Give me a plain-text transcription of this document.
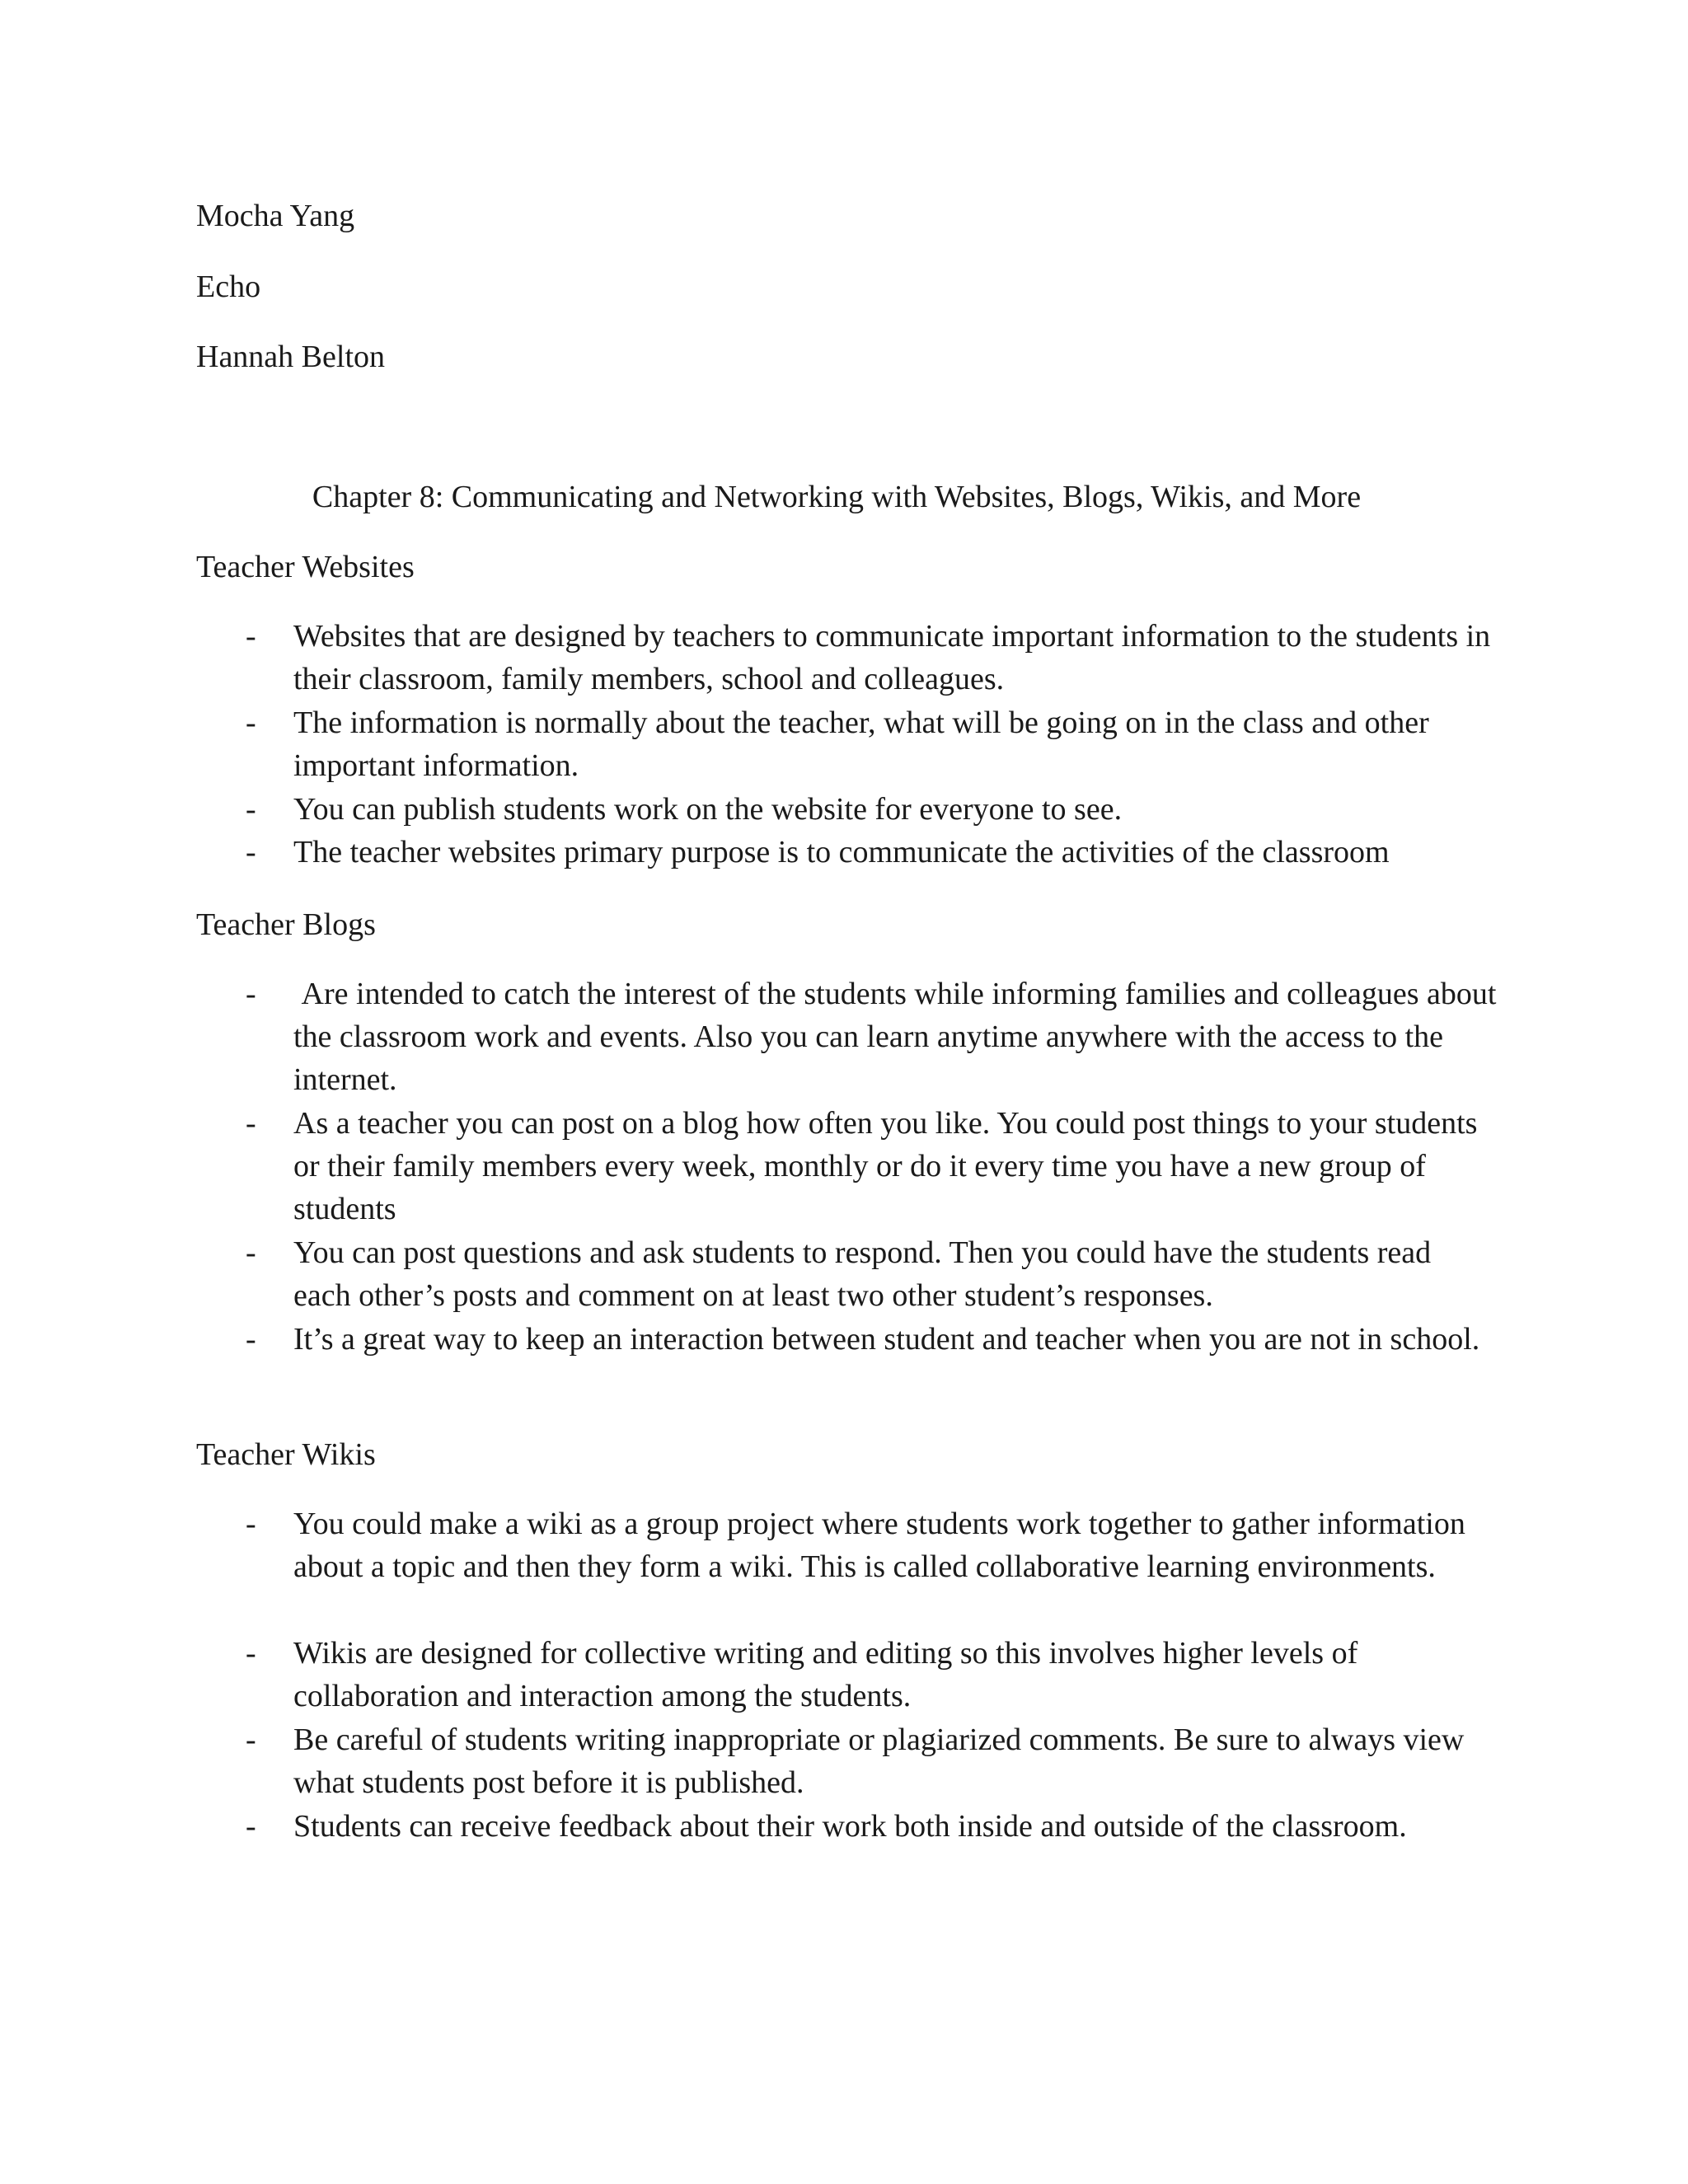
Mocha Yang
Echo
Hannah Belton
Chapter 8: Communicating and Networking with Websites, Blogs, Wikis, and More
Teacher Websites
- Websites that are designed by teachers to communicate important information to the students in their classroom, family members, school and colleagues.
- The information is normally about the teacher, what will be going on in the class and other important information.
- You can publish students work on the website for everyone to see.
- The teacher websites primary purpose is to communicate the activities of the classroom
Teacher Blogs
- Are intended to catch the interest of the students while informing families and colleagues about the classroom work and events. Also you can learn anytime anywhere with the access to the internet.
- As a teacher you can post on a blog how often you like. You could post things to your students or their family members every week, monthly or do it every time you have a new group of students
- You can post questions and ask students to respond. Then you could have the students read each other’s posts and comment on at least two other student’s responses.
- It’s a great way to keep an interaction between student and teacher when you are not in school.
Teacher Wikis
- You could make a wiki as a group project where students work together to gather information about a topic and then they form a wiki. This is called collaborative learning environments.
- Wikis are designed for collective writing and editing so this involves higher levels of collaboration and interaction among the students.
- Be careful of students writing inappropriate or plagiarized comments. Be sure to always view what students post before it is published.
- Students can receive feedback about their work both inside and outside of the classroom.
